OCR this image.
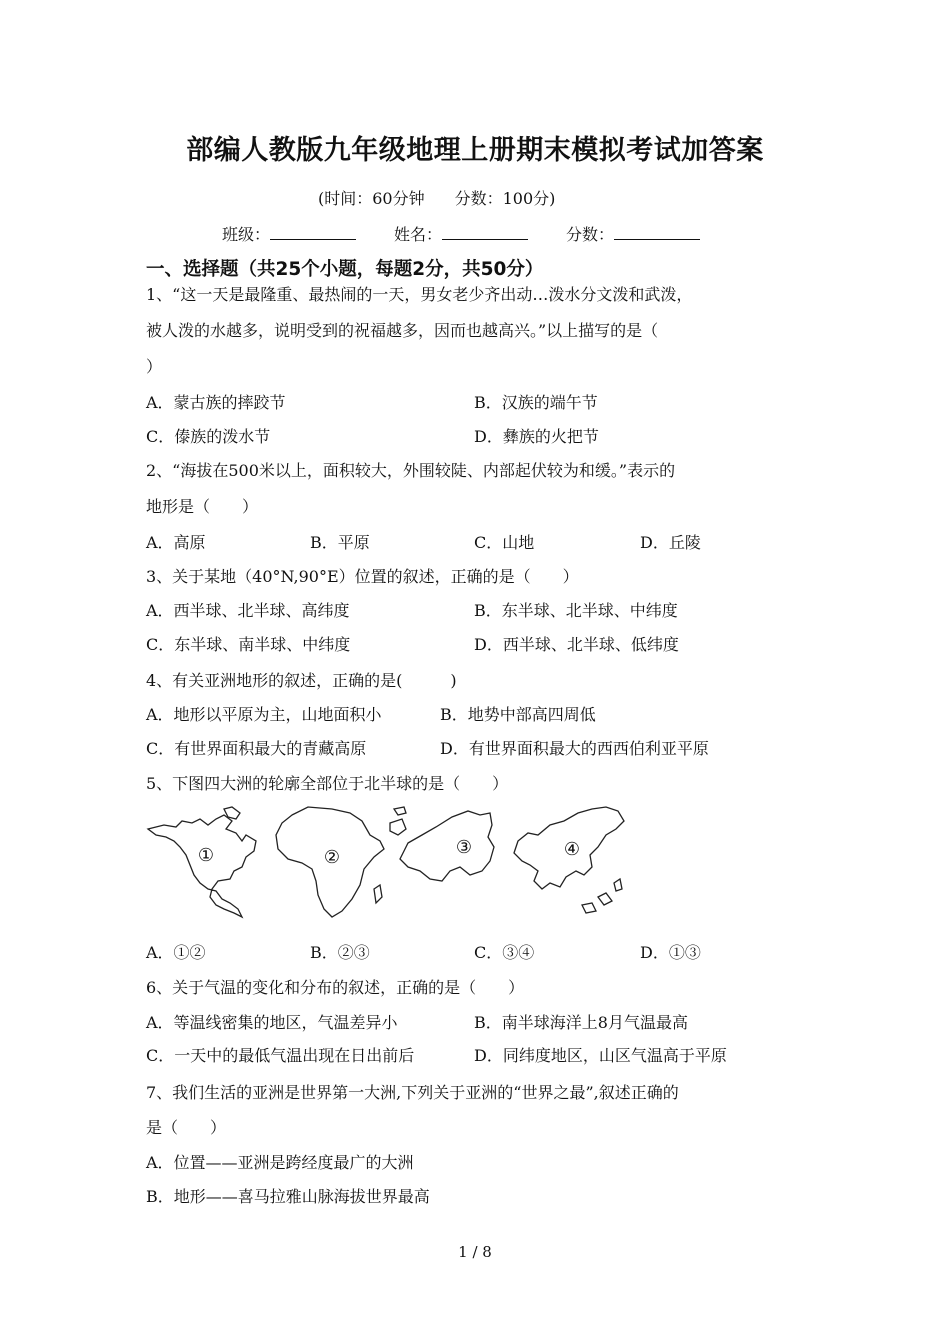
部编人教版九年级地理上册期末模拟考试加答案
(时间：60分钟 分数：100分)
班级：	姓名：	分数：
一、选择题（共25个小题，每题2分，共50分）
1、“这一天是最隆重、最热闹的一天，男女老少齐出动…泼水分文泼和武泼，
被人泼的水越多，说明受到的祝福越多，因而也越高兴。”以上描写的是（
）
A．蒙古族的摔跤节	B．汉族的端午节
C．傣族的泼水节	D．彝族的火把节
2、“海拔在500米以上，面积较大，外围较陡、内部起伏较为和缓。”表示的
地形是（　　）
A．高原	B．平原	C．山地	D．丘陵
3、关于某地（40°N,90°E）位置的叙述，正确的是（　　）
A．西半球、北半球、高纬度	B．东半球、北半球、中纬度
C．东半球、南半球、中纬度	D．西半球、北半球、低纬度
4、有关亚洲地形的叙述，正确的是(　　　)
A．地形以平原为主，山地面积小	B．地势中部高四周低
C．有世界面积最大的青藏高原	D．有世界面积最大的西西伯利亚平原
5、下图四大洲的轮廓全部位于北半球的是（　　）
①	②	③	④
A．①②	B．②③	C．③④	D．①③
6、关于气温的变化和分布的叙述，正确的是（　　）
A．等温线密集的地区，气温差异小	B．南半球海洋上8月气温最高
C．一天中的最低气温出现在日出前后	D．同纬度地区，山区气温高于平原
7、我们生活的亚洲是世界第一大洲,下列关于亚洲的“世界之最”,叙述正确的
是（　　）
A．位置——亚洲是跨经度最广的大洲
B．地形——喜马拉雅山脉海拔世界最高
1 / 8
